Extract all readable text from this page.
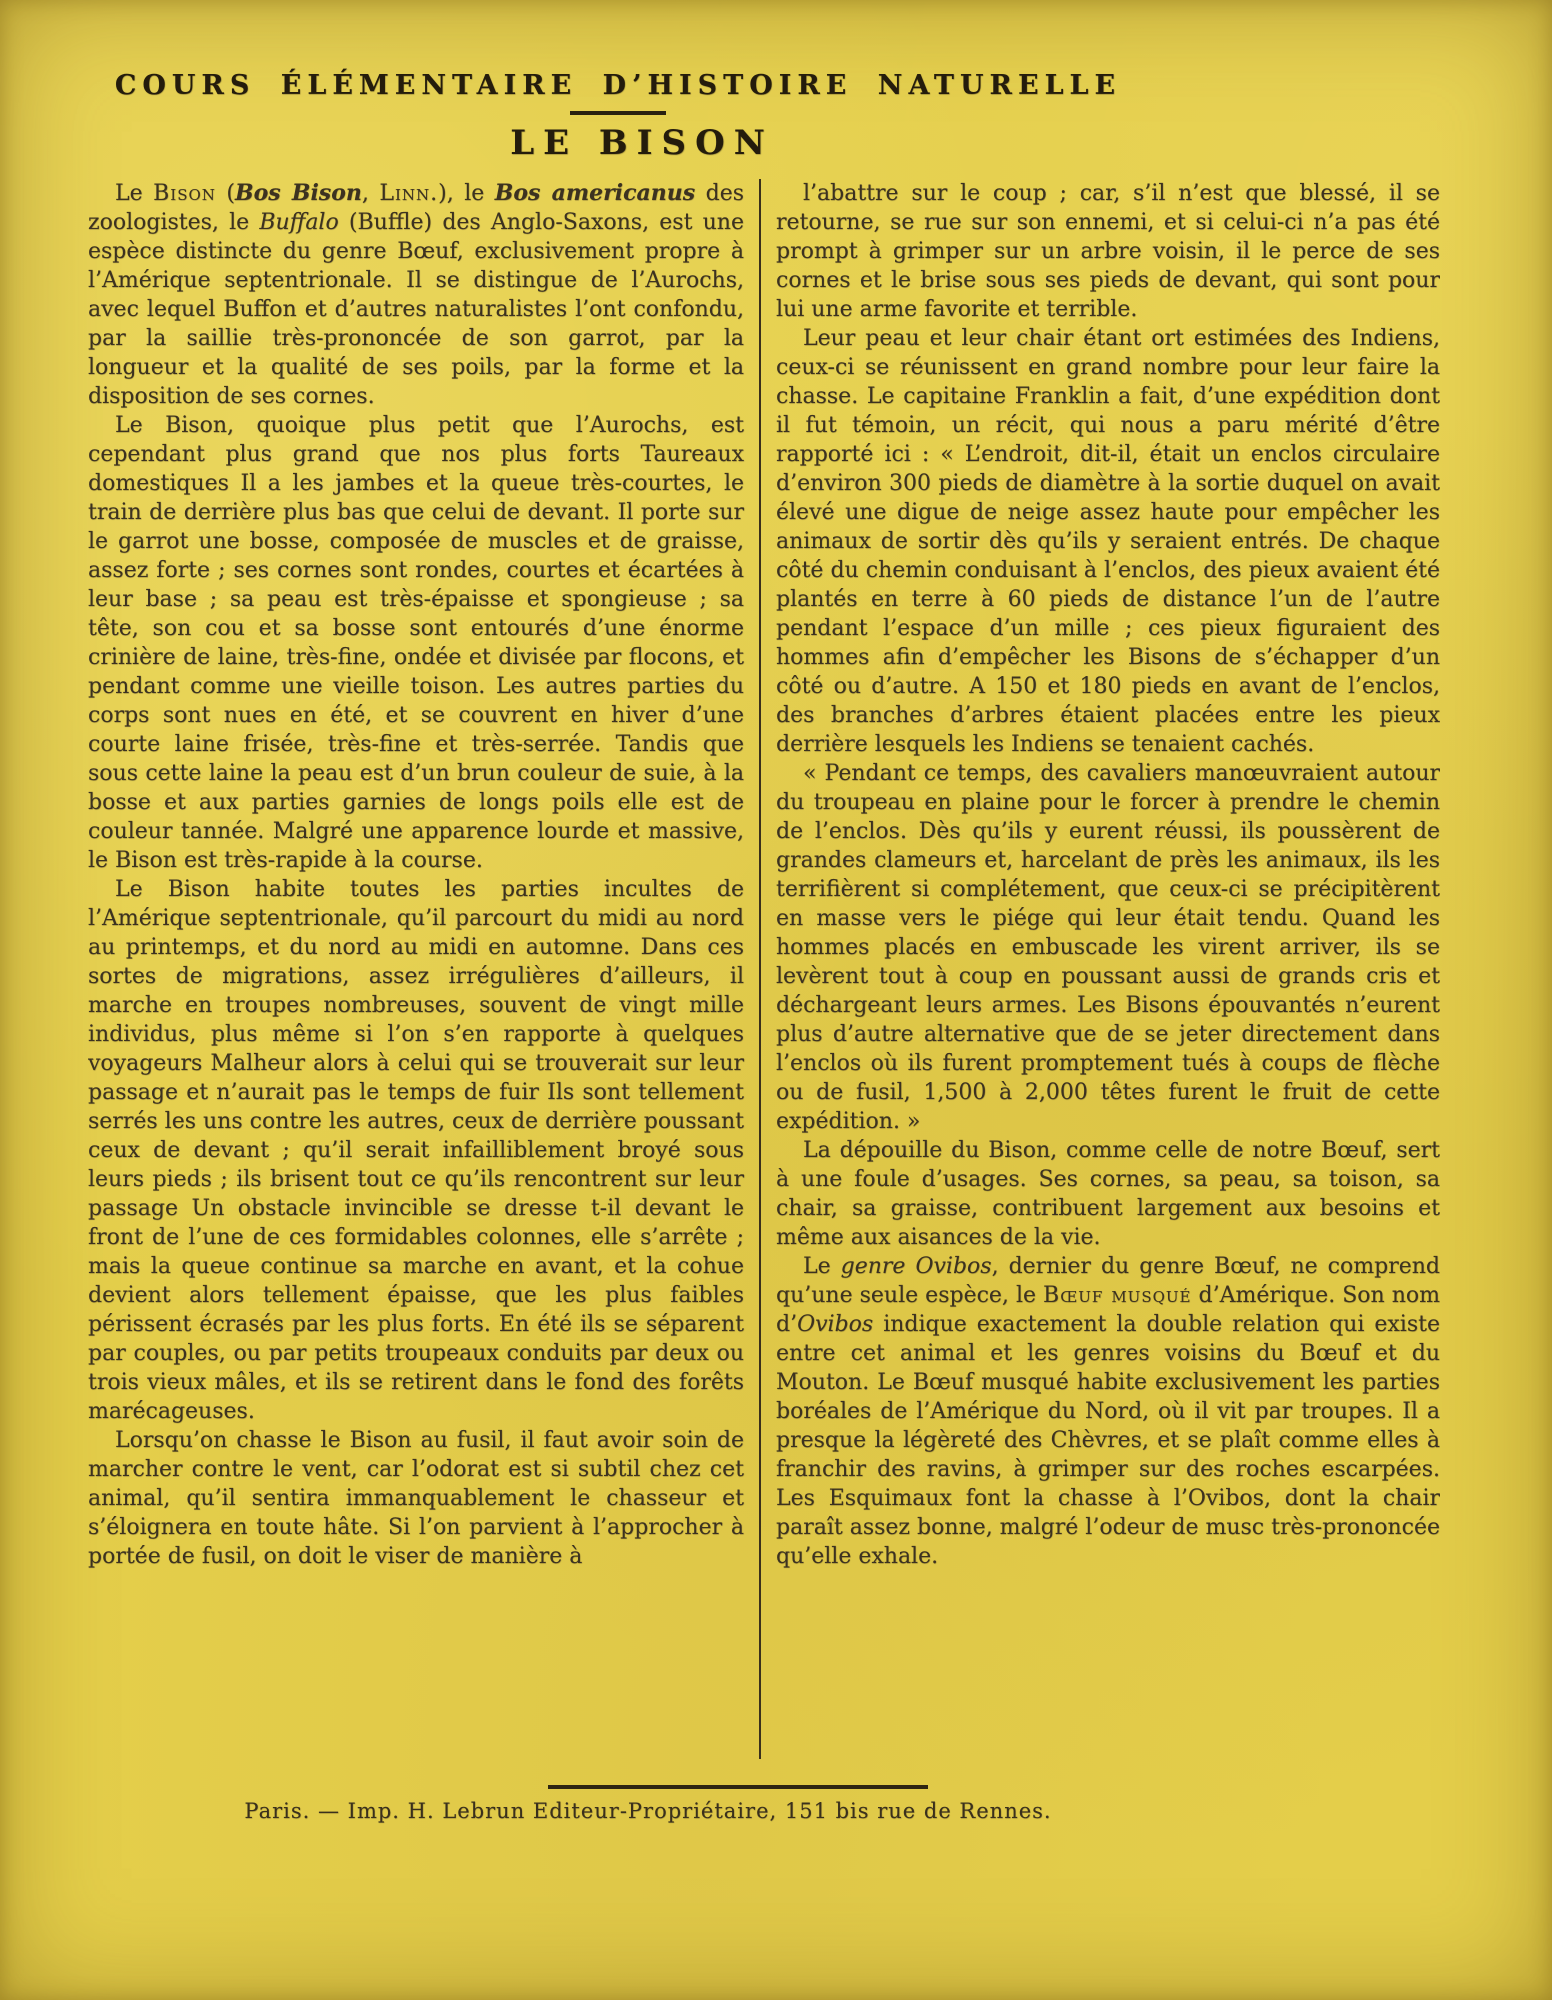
COURS ÉLÉMENTAIRE D’HISTOIRE NATURELLE
LE BISON

Le Bison (Bos Bison, Linn.), le Bos americanus des zoologistes, le Buffalo (Buffle) des Anglo-Saxons, est une espèce distincte du genre Bœuf, exclusivement propre à l’Amérique septentrionale. Il se distingue de l’Aurochs, avec lequel Buffon et d’autres naturalistes l’ont confondu, par la saillie très-prononcée de son garrot, par la longueur et la qualité de ses poils, par la forme et la disposition de ses cornes.

Le Bison, quoique plus petit que l’Aurochs, est cependant plus grand que nos plus forts Taureaux domestiques Il a les jambes et la queue très-courtes, le train de derrière plus bas que celui de devant. Il porte sur le garrot une bosse, composée de muscles et de graisse, assez forte ; ses cornes sont rondes, courtes et écartées à leur base ; sa peau est très-épaisse et spongieuse ; sa tête, son cou et sa bosse sont entourés d’une énorme crinière de laine, très-fine, ondée et divisée par flocons, et pendant comme une vieille toison. Les autres parties du corps sont nues en été, et se couvrent en hiver d’une courte laine frisée, très-fine et très-serrée. Tandis que sous cette laine la peau est d’un brun couleur de suie, à la bosse et aux parties garnies de longs poils elle est de couleur tannée. Malgré une apparence lourde et massive, le Bison est très-rapide à la course.

Le Bison habite toutes les parties incultes de l’Amérique septentrionale, qu’il parcourt du midi au nord au printemps, et du nord au midi en automne. Dans ces sortes de migrations, assez irrégulières d’ailleurs, il marche en troupes nombreuses, souvent de vingt mille individus, plus même si l’on s’en rapporte à quelques voyageurs Malheur alors à celui qui se trouverait sur leur passage et n’aurait pas le temps de fuir Ils sont tellement serrés les uns contre les autres, ceux de derrière poussant ceux de devant ; qu’il serait infailliblement broyé sous leurs pieds ; ils brisent tout ce qu’ils rencontrent sur leur passage Un obstacle invincible se dresse t-il devant le front de l’une de ces formidables colonnes, elle s’arrête ; mais la queue continue sa marche en avant, et la cohue devient alors tellement épaisse, que les plus faibles périssent écrasés par les plus forts. En été ils se séparent par couples, ou par petits troupeaux conduits par deux ou trois vieux mâles, et ils se retirent dans le fond des forêts marécageuses.

Lorsqu’on chasse le Bison au fusil, il faut avoir soin de marcher contre le vent, car l’odorat est si subtil chez cet animal, qu’il sentira immanquablement le chasseur et s’éloignera en toute hâte. Si l’on parvient à l’approcher à portée de fusil, on doit le viser de manière à

l’abattre sur le coup ; car, s’il n’est que blessé, il se retourne, se rue sur son ennemi, et si celui-ci n’a pas été prompt à grimper sur un arbre voisin, il le perce de ses cornes et le brise sous ses pieds de devant, qui sont pour lui une arme favorite et terrible.

Leur peau et leur chair étant ort estimées des Indiens, ceux-ci se réunissent en grand nombre pour leur faire la chasse. Le capitaine Franklin a fait, d’une expédition dont il fut témoin, un récit, qui nous a paru mérité d’être rapporté ici : « L’endroit, dit-il, était un enclos circulaire d’environ 300 pieds de diamètre à la sortie duquel on avait élevé une digue de neige assez haute pour empêcher les animaux de sortir dès qu’ils y seraient entrés. De chaque côté du chemin conduisant à l’enclos, des pieux avaient été plantés en terre à 60 pieds de distance l’un de l’autre pendant l’espace d’un mille ; ces pieux figuraient des hommes afin d’empêcher les Bisons de s’échapper d’un côté ou d’autre. A 150 et 180 pieds en avant de l’enclos, des branches d’arbres étaient placées entre les pieux derrière lesquels les Indiens se tenaient cachés.

« Pendant ce temps, des cavaliers manœuvraient autour du troupeau en plaine pour le forcer à prendre le chemin de l’enclos. Dès qu’ils y eurent réussi, ils poussèrent de grandes clameurs et, harcelant de près les animaux, ils les terrifièrent si complétement, que ceux-ci se précipitèrent en masse vers le piége qui leur était tendu. Quand les hommes placés en embuscade les virent arriver, ils se levèrent tout à coup en poussant aussi de grands cris et déchargeant leurs armes. Les Bisons épouvantés n’eurent plus d’autre alternative que de se jeter directement dans l’enclos où ils furent promptement tués à coups de flèche ou de fusil, 1,500 à 2,000 têtes furent le fruit de cette expédition. »

La dépouille du Bison, comme celle de notre Bœuf, sert à une foule d’usages. Ses cornes, sa peau, sa toison, sa chair, sa graisse, contribuent largement aux besoins et même aux aisances de la vie.

Le genre Ovibos, dernier du genre Bœuf, ne comprend qu’une seule espèce, le Bœuf musqué d’Amérique. Son nom d’Ovibos indique exactement la double relation qui existe entre cet animal et les genres voisins du Bœuf et du Mouton. Le Bœuf musqué habite exclusivement les parties boréales de l’Amérique du Nord, où il vit par troupes. Il a presque la légèreté des Chèvres, et se plaît comme elles à franchir des ravins, à grimper sur des roches escarpées. Les Esquimaux font la chasse à l’Ovibos, dont la chair paraît assez bonne, malgré l’odeur de musc très-prononcée qu’elle exhale.

Paris. — Imp. H. Lebrun Editeur-Propriétaire, 151 bis rue de Rennes.
